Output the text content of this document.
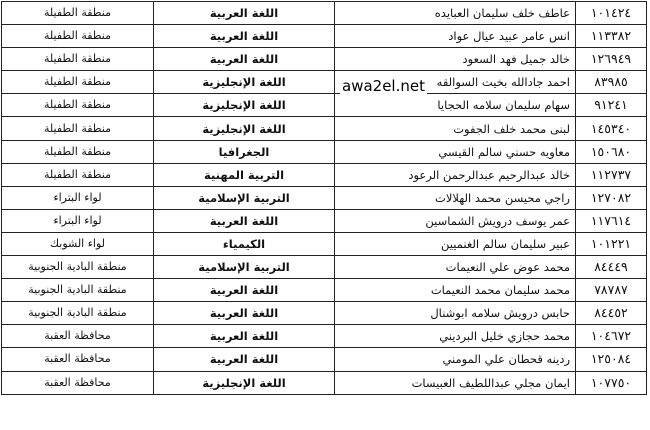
١٠١٤٢٤	عاطف خلف سليمان العبايده	اللغة العربية	منطقة الطفيلة
١١٣٣٨٢	انس عامر عبيد عيال عواد	اللغة العربية	منطقة الطفيلة
١٢٦٩٤٩	خالد جميل فهد السعود	اللغة العربية	منطقة الطفيلة
٨٣٩٨٥	احمد جادالله بخيت السوالقه	اللغة الإنجليزية	منطقة الطفيلة
٩١٢٤١	سهام سليمان سلامه الحجايا	اللغة الإنجليزية	منطقة الطفيلة
١٤٥٣٤٠	لبنى محمد خلف الجفوت	اللغة الإنجليزية	منطقة الطفيلة
١٥٠٦٨٠	معاويه حسني سالم القيسي	الجغرافيا	منطقة الطفيلة
١١٢٧٣٧	خالد عبدالرحيم عبدالرحمن الرعود	التربية المهنية	منطقة الطفيلة
١٢٧٠٨٢	راجي محيسن محمد الهلالات	التربية الإسلامية	لواء البتراء
١١٧٦١٤	عمر يوسف درويش الشماسين	اللغة العربية	لواء البتراء
١٠١٢٢١	عبير سليمان سالم الغنميين	الكيمياء	لواء الشوبك
٨٤٤٤٩	محمد عوض علي النعيمات	التربية الإسلامية	منطقة البادية الجنوبية
٧٨٧٨٧	محمد سليمان محمد النعيمات	اللغة العربية	منطقة البادية الجنوبية
٨٤٤٥٢	حابس درويش سلامه ابوشنال	اللغة العربية	منطقة البادية الجنوبية
١٠٤٦٧٢	محمد حجازي خليل البرديني	اللغة العربية	محافظة العقبة
١٢٥٠٨٤	ردينه قحطان علي المومني	اللغة العربية	محافظة العقبة
١٠٧٧٥٠	ايمان مجلي عبداللطيف العبيسات	اللغة الإنجليزية	محافظة العقبة
awa2el.net
